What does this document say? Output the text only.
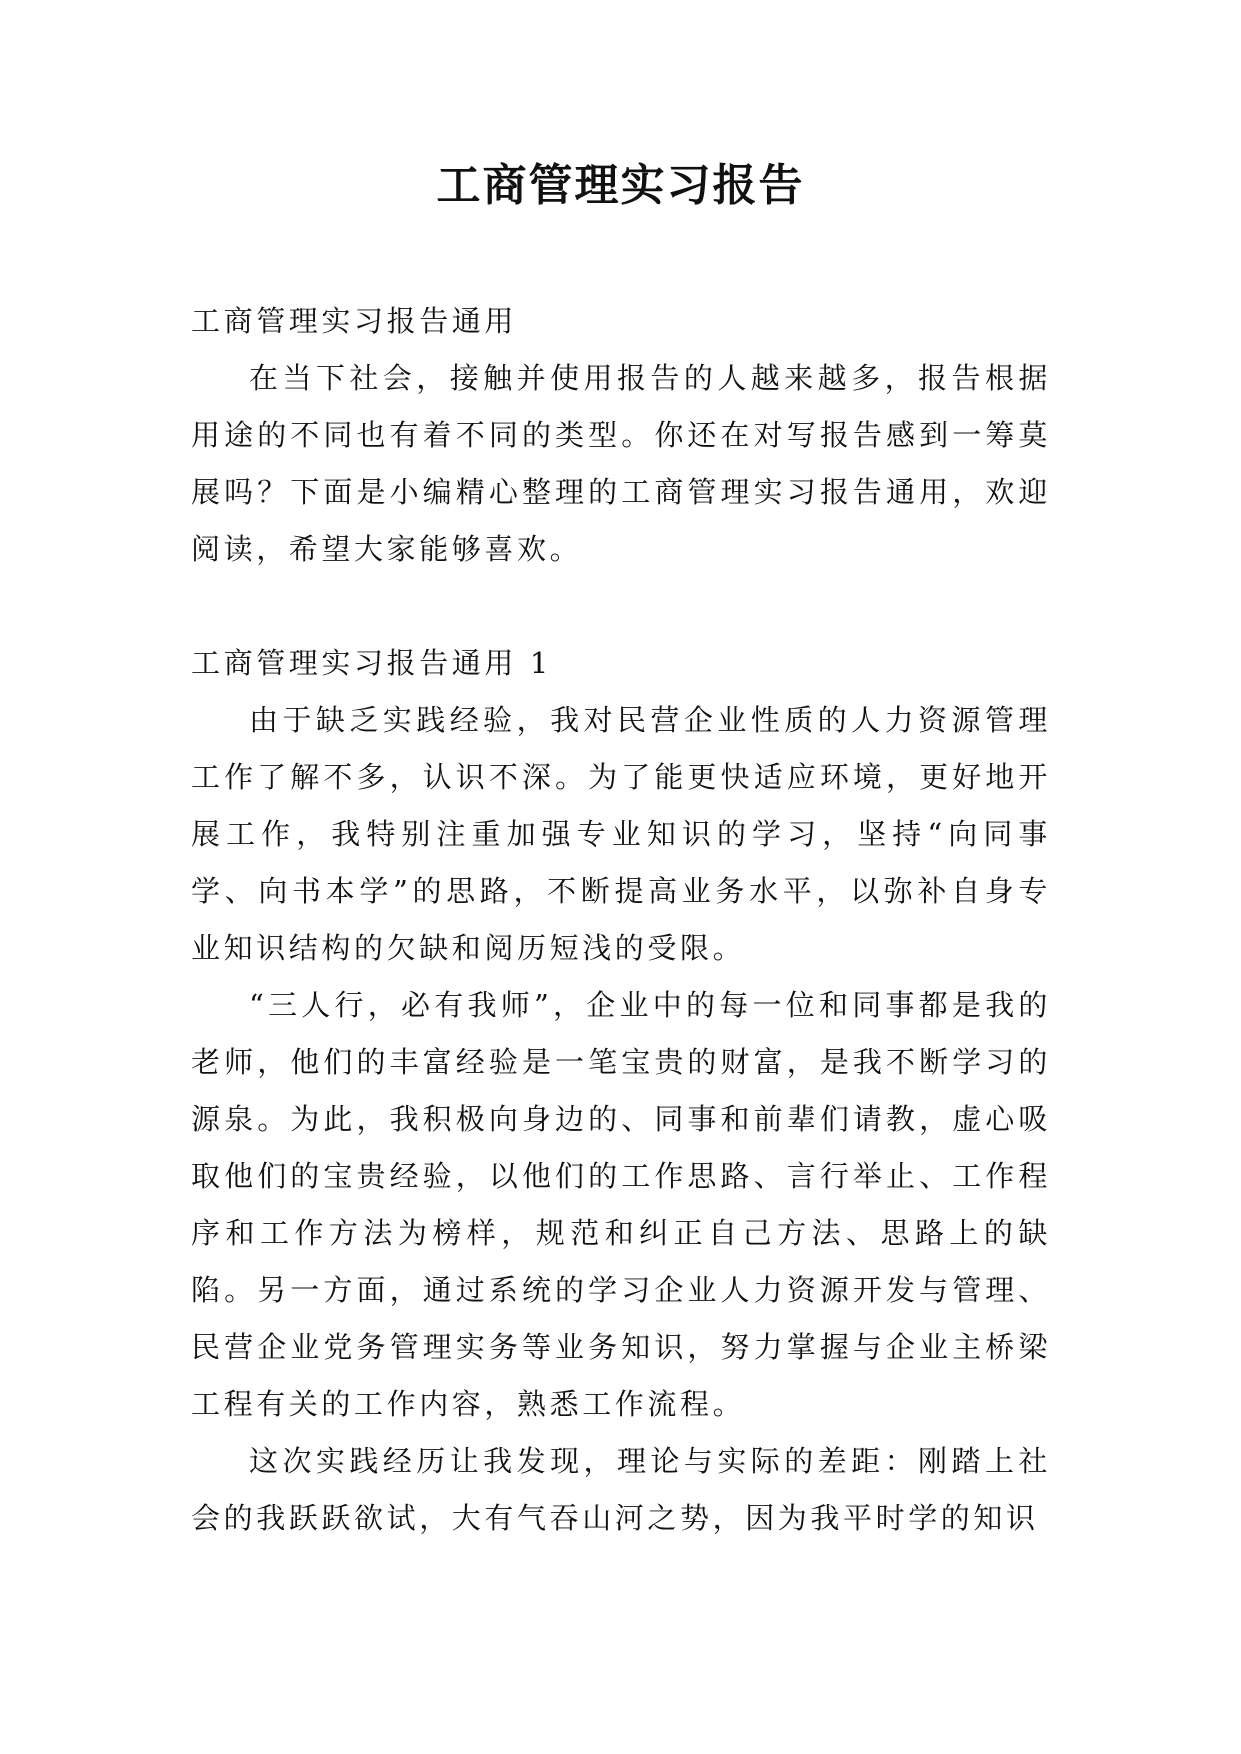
工商管理实习报告

工商管理实习报告通用

在当下社会，接触并使用报告的人越来越多，报告根据用途的不同也有着不同的类型。你还在对写报告感到一筹莫展吗？下面是小编精心整理的工商管理实习报告通用，欢迎阅读，希望大家能够喜欢。

工商管理实习报告通用 1

由于缺乏实践经验，我对民营企业性质的人力资源管理工作了解不多，认识不深。为了能更快适应环境，更好地开展工作，我特别注重加强专业知识的学习，坚持“向同事学、向书本学”的思路，不断提高业务水平，以弥补自身专业知识结构的欠缺和阅历短浅的受限。

“三人行，必有我师”，企业中的每一位和同事都是我的老师，他们的丰富经验是一笔宝贵的财富，是我不断学习的源泉。为此，我积极向身边的、同事和前辈们请教，虚心吸取他们的宝贵经验，以他们的工作思路、言行举止、工作程序和工作方法为榜样，规范和纠正自己方法、思路上的缺陷。另一方面，通过系统的学习企业人力资源开发与管理、民营企业党务管理实务等业务知识，努力掌握与企业主桥梁工程有关的工作内容，熟悉工作流程。

这次实践经历让我发现，理论与实际的差距：刚踏上社会的我跃跃欲试，大有气吞山河之势，因为我平时学的知识
